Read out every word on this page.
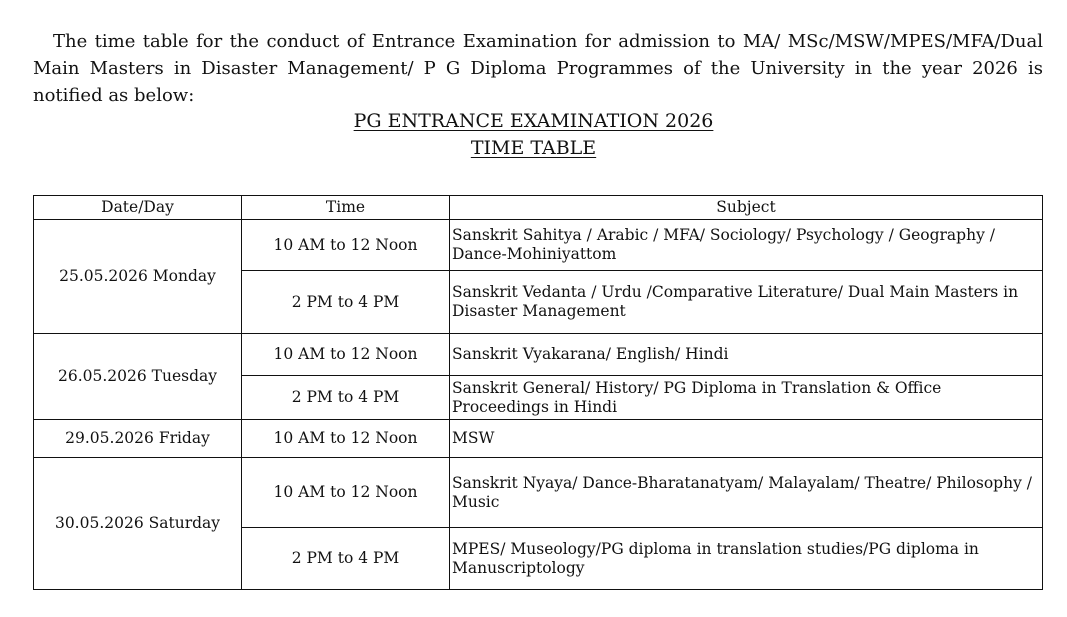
The time table for the conduct of Entrance Examination for admission to MA/ MSc/MSW/MPES/MFA/Dual Main Masters in Disaster Management/ P G Diploma Programmes of the University in the year 2026 is notified as below:

PG ENTRANCE EXAMINATION 2026

TIME TABLE

Date/Day	Time	Subject
25.05.2026 Monday	10 AM to 12 Noon	Sanskrit Sahitya / Arabic / MFA/ Sociology/ Psychology / Geography / Dance-Mohiniyattom
	2 PM to 4 PM	Sanskrit Vedanta / Urdu /Comparative Literature/ Dual Main Masters in Disaster Management
26.05.2026 Tuesday	10 AM to 12 Noon	Sanskrit Vyakarana/ English/ Hindi
	2 PM to 4 PM	Sanskrit General/ History/ PG Diploma in Translation & Office Proceedings in Hindi
29.05.2026 Friday	10 AM to 12 Noon	MSW
30.05.2026 Saturday	10 AM to 12 Noon	Sanskrit Nyaya/ Dance-Bharatanatyam/ Malayalam/ Theatre/ Philosophy / Music
	2 PM to 4 PM	MPES/ Museology/PG diploma in translation studies/PG diploma in Manuscriptology
